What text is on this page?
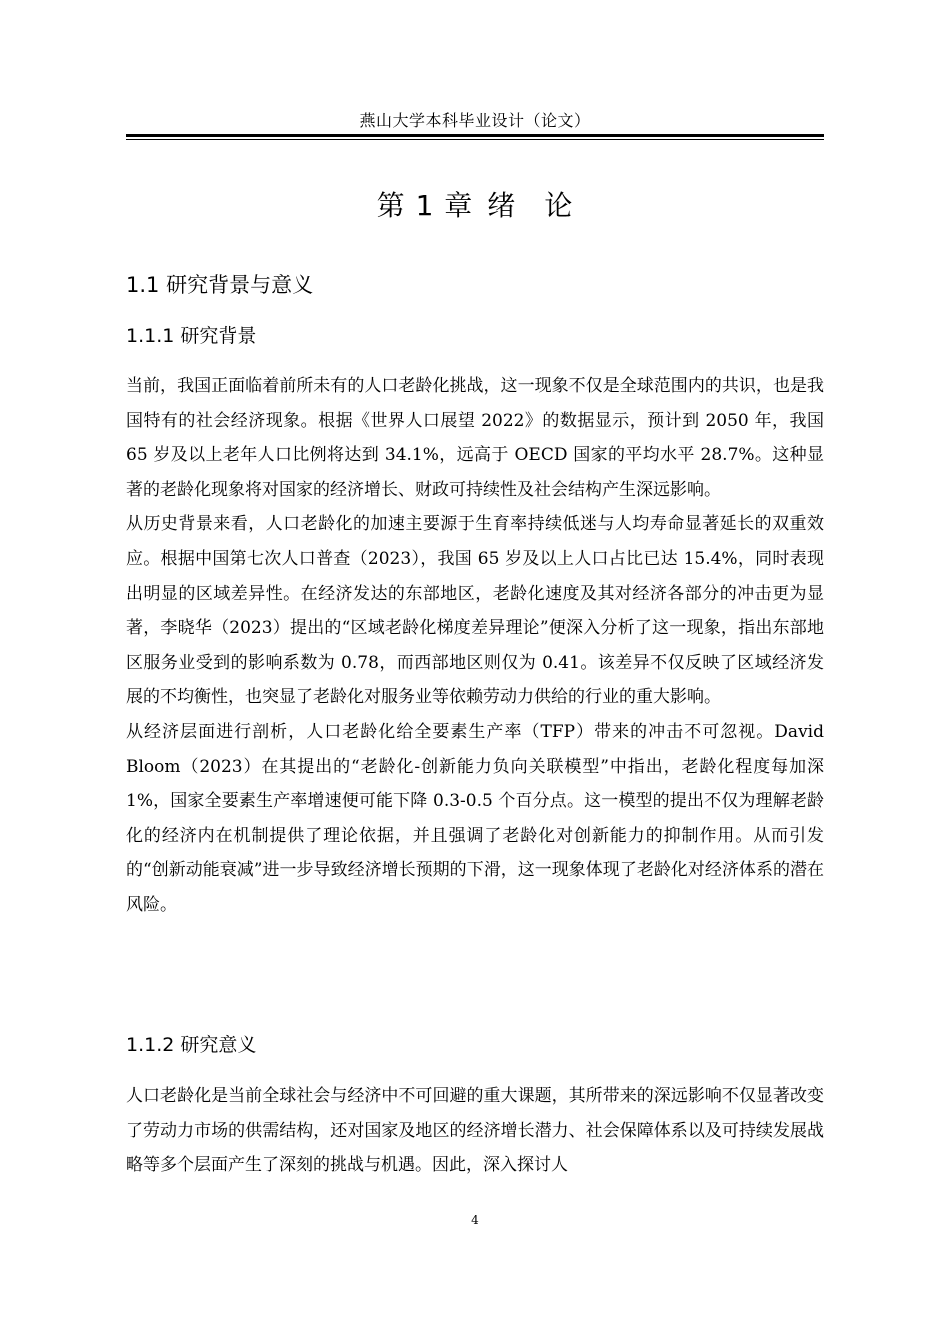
燕山大学本科毕业设计（论文）
第 1 章 绪 论
1.1 研究背景与意义
1.1.1 研究背景

当前，我国正面临着前所未有的人口老龄化挑战，这一现象不仅是全球范围内的共识，也是我国特有的社会经济现象。根据《世界人口展望 2022》的数据显示，预计到 2050 年，我国 65 岁及以上老年人口比例将达到 34.1%，远高于 OECD 国家的平均水平 28.7%。这种显著的老龄化现象将对国家的经济增长、财政可持续性及社会结构产生深远影响。

从历史背景来看，人口老龄化的加速主要源于生育率持续低迷与人均寿命显著延长的双重效应。根据中国第七次人口普查（2023），我国 65 岁及以上人口占比已达 15.4%，同时表现出明显的区域差异性。在经济发达的东部地区，老龄化速度及其对经济各部分的冲击更为显著，李晓华（2023）提出的“区域老龄化梯度差异理论”便深入分析了这一现象，指出东部地区服务业受到的影响系数为 0.78，而西部地区则仅为 0.41。该差异不仅反映了区域经济发展的不均衡性，也突显了老龄化对服务业等依赖劳动力供给的行业的重大影响。

从经济层面进行剖析，人口老龄化给全要素生产率（TFP）带来的冲击不可忽视。David Bloom（2023）在其提出的“老龄化-创新能力负向关联模型”中指出，老龄化程度每加深 1%，国家全要素生产率增速便可能下降 0.3-0.5 个百分点。这一模型的提出不仅为理解老龄化的经济内在机制提供了理论依据，并且强调了老龄化对创新能力的抑制作用。从而引发的“创新动能衰减”进一步导致经济增长预期的下滑，这一现象体现了老龄化对经济体系的潜在风险。

1.1.2 研究意义

人口老龄化是当前全球社会与经济中不可回避的重大课题，其所带来的深远影响不仅显著改变了劳动力市场的供需结构，还对国家及地区的经济增长潜力、社会保障体系以及可持续发展战略等多个层面产生了深刻的挑战与机遇。因此，深入探讨人

4
